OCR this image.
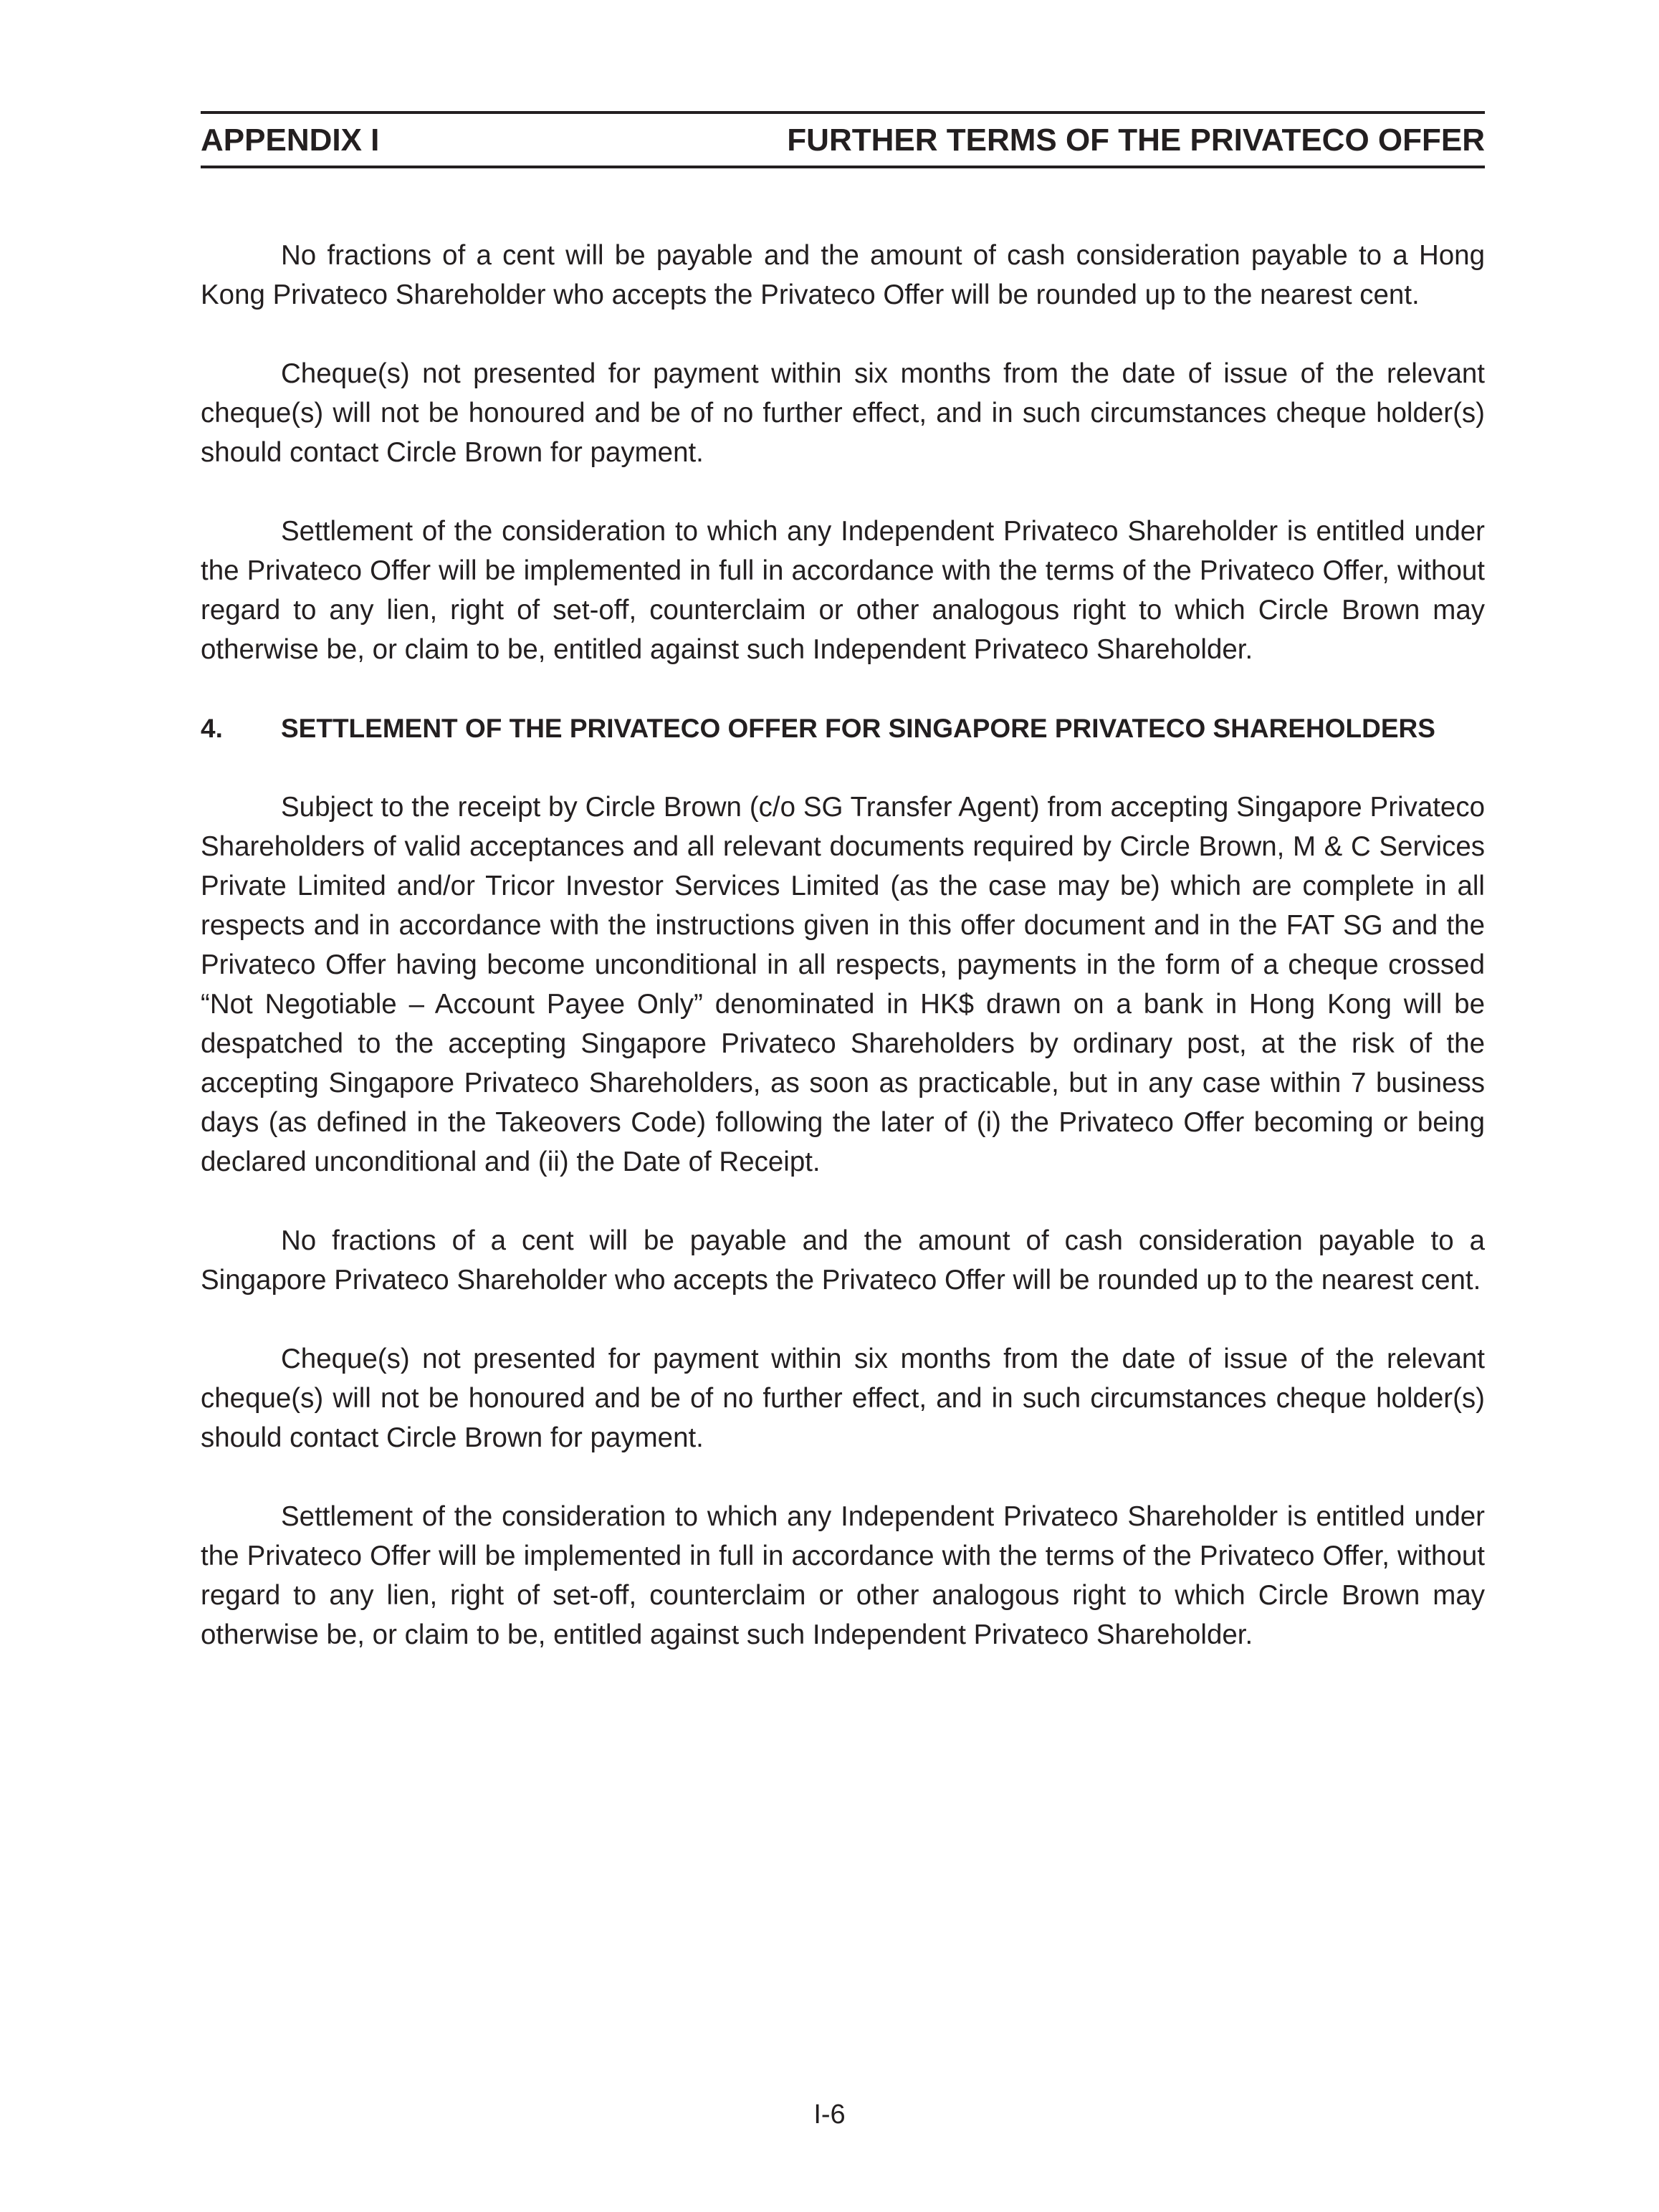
APPENDIX I	FURTHER TERMS OF THE PRIVATECO OFFER

No fractions of a cent will be payable and the amount of cash consideration payable to a Hong Kong Privateco Shareholder who accepts the Privateco Offer will be rounded up to the nearest cent.

Cheque(s) not presented for payment within six months from the date of issue of the relevant cheque(s) will not be honoured and be of no further effect, and in such circumstances cheque holder(s) should contact Circle Brown for payment.

Settlement of the consideration to which any Independent Privateco Shareholder is entitled under the Privateco Offer will be implemented in full in accordance with the terms of the Privateco Offer, without regard to any lien, right of set-off, counterclaim or other analogous right to which Circle Brown may otherwise be, or claim to be, entitled against such Independent Privateco Shareholder.

4.	SETTLEMENT OF THE PRIVATECO OFFER FOR SINGAPORE PRIVATECO SHAREHOLDERS

Subject to the receipt by Circle Brown (c/o SG Transfer Agent) from accepting Singapore Privateco Shareholders of valid acceptances and all relevant documents required by Circle Brown, M & C Services Private Limited and/or Tricor Investor Services Limited (as the case may be) which are complete in all respects and in accordance with the instructions given in this offer document and in the FAT SG and the Privateco Offer having become unconditional in all respects, payments in the form of a cheque crossed “Not Negotiable – Account Payee Only” denominated in HK$ drawn on a bank in Hong Kong will be despatched to the accepting Singapore Privateco Shareholders by ordinary post, at the risk of the accepting Singapore Privateco Shareholders, as soon as practicable, but in any case within 7 business days (as defined in the Takeovers Code) following the later of (i) the Privateco Offer becoming or being declared unconditional and (ii) the Date of Receipt.

No fractions of a cent will be payable and the amount of cash consideration payable to a Singapore Privateco Shareholder who accepts the Privateco Offer will be rounded up to the nearest cent.

Cheque(s) not presented for payment within six months from the date of issue of the relevant cheque(s) will not be honoured and be of no further effect, and in such circumstances cheque holder(s) should contact Circle Brown for payment.

Settlement of the consideration to which any Independent Privateco Shareholder is entitled under the Privateco Offer will be implemented in full in accordance with the terms of the Privateco Offer, without regard to any lien, right of set-off, counterclaim or other analogous right to which Circle Brown may otherwise be, or claim to be, entitled against such Independent Privateco Shareholder.

I-6
